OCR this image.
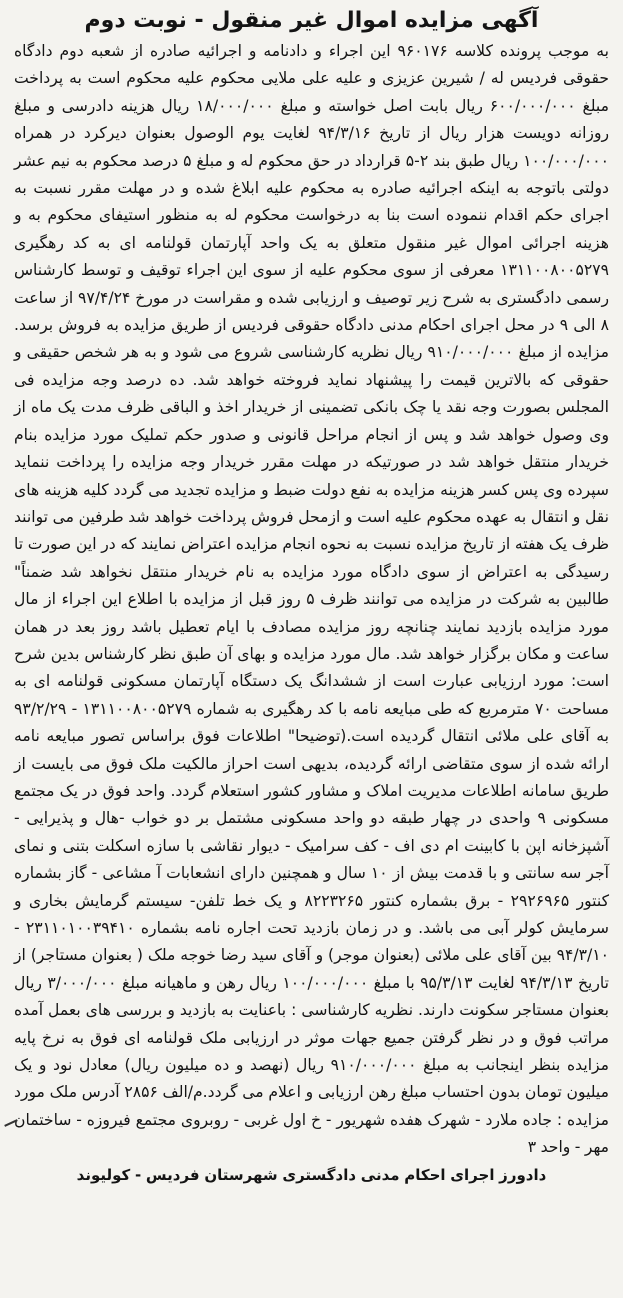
آگهی مزایده اموال غیر منقول - نوبت دوم

به موجب پرونده کلاسه ۹۶۰۱۷۶ این اجراء و دادنامه و اجرائیه صادره از شعبه دوم دادگاه حقوقی فردیس له / شیرین عزیزی و علیه علی ملایی محکوم علیه محکوم است به پرداخت مبلغ ۶۰۰/۰۰۰/۰۰۰ ریال بابت اصل خواسته و مبلغ ۱۸/۰۰۰/۰۰۰ ریال هزینه دادرسی و مبلغ روزانه دویست هزار ریال از تاریخ ۹۴/۳/۱۶ لغایت یوم الوصول بعنوان دیرکرد در همراه ۱۰۰/۰۰۰/۰۰۰ ریال طبق بند ۲-۵ قرارداد در حق محکوم له و مبلغ ۵ درصد محکوم به نیم عشر دولتی باتوجه به اینکه اجرائیه صادره به محکوم علیه ابلاغ شده و در مهلت مقرر نسبت به اجرای حکم اقدام ننموده است بنا به درخواست محکوم له به منظور استیفای محکوم به و هزینه اجرائی اموال غیر منقول متعلق به یک واحد آپارتمان قولنامه ای به کد رهگیری ۱۳۱۱۰۰۸۰۰۵۲۷۹ معرفی از سوی محکوم علیه از سوی این اجراء توقیف و توسط کارشناس رسمی دادگستری به شرح زیر توصیف و ارزیابی شده و مقراست در مورخ ۹۷/۴/۲۴ از ساعت ۸ الی ۹ در محل اجرای احکام مدنی دادگاه حقوقی فردیس از طریق مزایده به فروش برسد. مزایده از مبلغ ۹۱۰/۰۰۰/۰۰۰ ریال نظریه کارشناسی شروع می شود و به هر شخص حقیقی و حقوقی که بالاترین قیمت را پیشنهاد نماید فروخته خواهد شد. ده درصد وجه مزایده فی المجلس بصورت وجه نقد یا چک بانکی تضمینی از خریدار اخذ و الباقی ظرف مدت یک ماه از وی وصول خواهد شد و پس از انجام مراحل قانونی و صدور حکم تملیک مورد مزایده بنام خریدار منتقل خواهد شد در صورتیکه در مهلت مقرر خریدار وجه مزایده را پرداخت ننماید سپرده وی پس کسر هزینه مزایده به نفع دولت ضبط و مزایده تجدید می گردد کلیه هزینه های نقل و انتقال به عهده محکوم علیه است و ازمحل فروش پرداخت خواهد شد طرفین می توانند ظرف یک هفته از تاریخ مزایده نسبت به نحوه انجام مزایده اعتراض نمایند که در این صورت تا رسیدگی به اعتراض از سوی دادگاه مورد مزایده به نام خریدار منتقل نخواهد شد ضمناً" طالبین به شرکت در مزایده می توانند ظرف ۵ روز قبل از مزایده با اطلاع این اجراء از مال مورد مزایده بازدید نمایند چنانچه روز مزایده مصادف با ایام تعطیل باشد روز بعد در همان ساعت و مکان برگزار خواهد شد. مال مورد مزایده و بهای آن طبق نظر کارشناس بدین شرح است: مورد ارزیابی عبارت است از ششدانگ یک دستگاه آپارتمان مسکونی قولنامه ای به مساحت ۷۰ مترمربع که طی مبایعه نامه با کد رهگیری به شماره ۱۳۱۱۰۰۸۰۰۵۲۷۹ - ۹۳/۲/۲۹ به آقای علی ملائی انتقال گردیده است.(توضیحا" اطلاعات فوق براساس تصور مبایعه نامه ارائه شده از سوی متقاضی ارائه گردیده، بدیهی است احراز مالکیت ملک فوق می بایست از طریق سامانه اطلاعات مدیریت املاک و مشاور کشور استعلام گردد. واحد فوق در یک مجتمع مسکونی ۹ واحدی در چهار طبقه دو واحد مسکونی مشتمل بر دو خواب -هال و پذیرایی - آشپزخانه اپن با کابینت ام دی اف - کف سرامیک - دیوار نقاشی با سازه اسکلت بتنی و نمای آجر سه سانتی و با قدمت بیش از ۱۰ سال و همچنین دارای انشعابات آ مشاعی - گاز بشماره کنتور ۲۹۲۶۹۶۵ - برق بشماره کنتور ۸۲۲۳۲۶۵ و یک خط تلفن- سیستم گرمایش بخاری و سرمایش کولر آبی می باشد. و در زمان بازدید تحت اجاره نامه بشماره ۲۳۱۱۰۱۰۰۳۹۴۱۰ - ۹۴/۳/۱۰ بین آقای علی ملائی (بعنوان موجر) و آقای سید رضا خوجه ملک ( بعنوان مستاجر) از تاریخ ۹۴/۳/۱۳ لغایت ۹۵/۳/۱۳ با مبلغ ۱۰۰/۰۰۰/۰۰۰ ریال رهن و ماهیانه مبلغ ۳/۰۰۰/۰۰۰ ریال بعنوان مستاجر سکونت دارند. نظریه کارشناسی : باعنایت به بازدید و بررسی های بعمل آمده مراتب فوق و در نظر گرفتن جمیع جهات موثر در ارزیابی ملک قولنامه ای فوق به نرخ پایه مزایده بنظر اینجانب به مبلغ ۹۱۰/۰۰۰/۰۰۰ ریال (نهصد و ده میلیون ریال) معادل نود و یک میلیون تومان بدون احتساب مبلغ رهن ارزیابی و اعلام می گردد.م/الف ۲۸۵۶ آدرس ملک مورد مزایده : جاده ملارد - شهرک هفده شهریور - خ اول غربی - روبروی مجتمع فیروزه - ساختمان مهر - واحد ۳

دادورز اجرای احکام مدنی دادگستری شهرستان فردیس - کولیوند
